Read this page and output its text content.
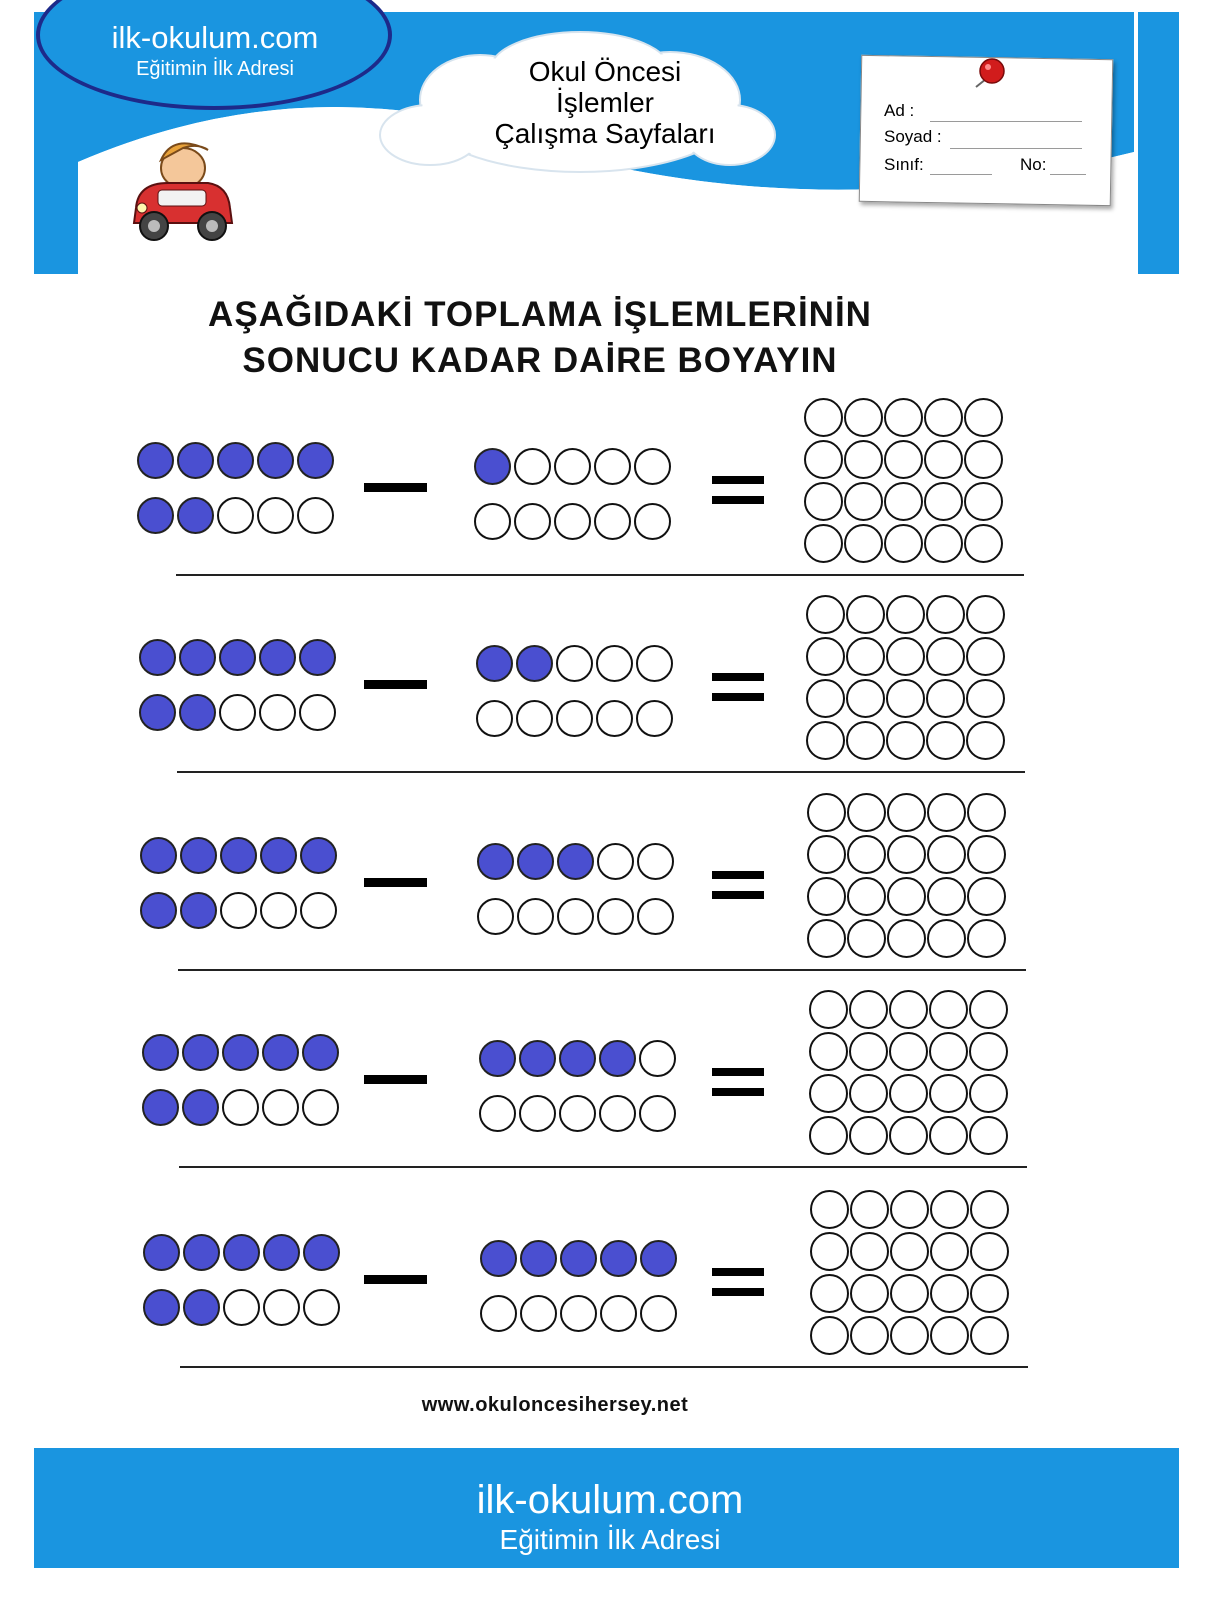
ilk-okulum.com
Eğitimin İlk Adresi	Okul Öncesi
İşlemler
Çalışma Sayfaları
Ad :
Soyad :
Sınıf:	No:
AŞAĞIDAKİ TOPLAMA İŞLEMLERİNİN
SONUCU KADAR DAİRE BOYAYIN
www.okuloncesihersey.net
ilk-okulum.com
Eğitimin İlk Adresi
